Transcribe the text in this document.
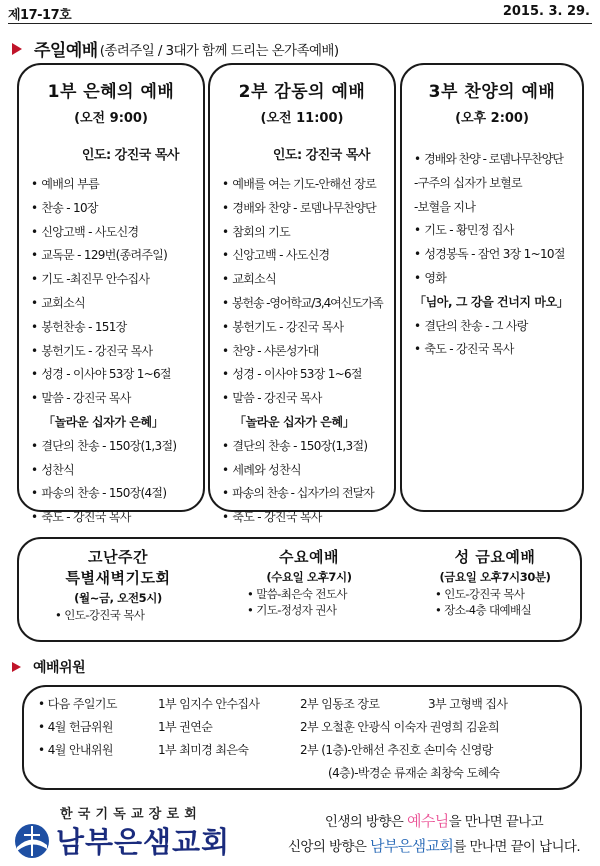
제17-17호	2015. 3. 29.
주일예배 (종려주일 / 3대가 함께 드리는 온가족예배)
1부 은혜의 예배
(오전 9:00)
인도: 강진국 목사
• 예배의 부름
• 찬송 - 10장
• 신앙고백 - 사도신경
• 교독문 - 129번(종려주일)
• 기도 -최진무 안수집사
• 교회소식
• 봉헌찬송 - 151장
• 봉헌기도 - 강진국 목사
• 성경 - 이사야 53장 1~6절
• 말씀 - 강진국 목사
「놀라운 십자가 은혜」
• 결단의 찬송 - 150장(1,3절)
• 성찬식
• 파송의 찬송 - 150장(4절)
• 축도 - 강진국 목사
2부 감동의 예배
(오전 11:00)
인도: 강진국 목사
• 예배를 여는 기도-안해선 장로
• 경배와 찬양 - 로뎀나무찬양단
• 참회의 기도
• 신앙고백 - 사도신경
• 교회소식
• 봉헌송 -영어학교/3,4여신도가족
• 봉헌기도 - 강진국 목사
• 찬양 - 샤론성가대
• 성경 - 이사야 53장 1~6절
• 말씀 - 강진국 목사
「놀라운 십자가 은혜」
• 결단의 찬송 - 150장(1,3절)
• 세례와 성찬식
• 파송의 찬송 - 십자가의 전달자
• 축도 - 강진국 목사
3부 찬양의 예배
(오후 2:00)
• 경배와 찬양 - 로뎀나무찬양단
-구주의 십자가 보혈로
-보혈을 지나
• 기도 - 황민정 집사
• 성경봉독 - 잠언 3장 1~10절
• 영화
「님아, 그 강을 건너지 마오」
• 결단의 찬송 - 그 사랑
• 축도 - 강진국 목사
고난주간
특별새벽기도회
(월~금, 오전5시)
• 인도-강진국 목사
수요예배
(수요일 오후7시)
• 말씀-최은숙 전도사
• 기도-정성자 권사
성 금요예배
(금요일 오후7시30분)
• 인도-강진국 목사
• 장소-4층 대예배실
예배위원
• 다음 주일기도	1부 임지수 안수집사	2부 임동조 장로	3부 고형백 집사
• 4월 헌금위원	1부 권연순	2부 오철훈 안광식 이숙자 권영희 김윤희
• 4월 안내위원	1부 최미경 최은숙	2부 (1층)-안해선 추진호 손미숙 신영랑
(4층)-박경순 류재순 최창숙 도혜숙
한국기독교장로회
남부은샘교회
인생의 방향은 예수님을 만나면 끝나고
신앙의 방향은 남부은샘교회를 만나면 끝이 납니다.
